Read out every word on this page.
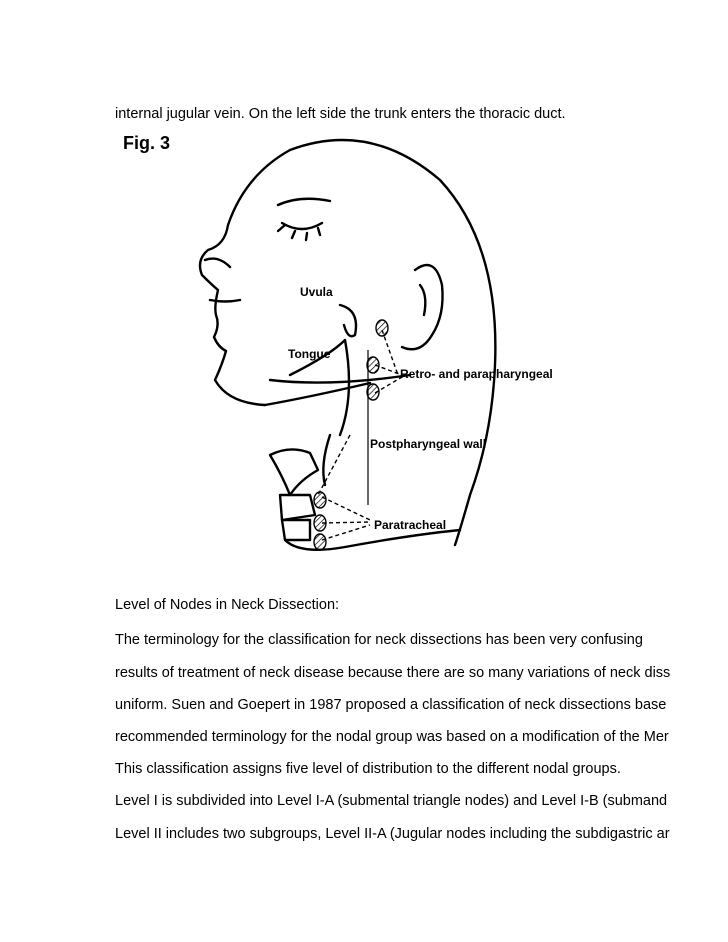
internal jugular vein. On the left side the trunk enters the thoracic duct.
Fig. 3
Uvula
Tongue
Retro- and parapharyngeal
Postpharyngeal wall
Paratracheal
Level of Nodes in Neck Dissection:
The terminology for the classification for neck dissections has been very confusing
results of treatment of neck disease because there are so many variations of neck diss
uniform. Suen and Goepert in 1987 proposed a classification of neck dissections base
recommended terminology for the nodal group was based on a modification of the Mer
This classification assigns five level of distribution to the different nodal groups.
Level I is subdivided into Level I-A (submental triangle nodes) and Level I-B (submand
Level II includes two subgroups, Level II-A (Jugular nodes including the subdigastric ar
